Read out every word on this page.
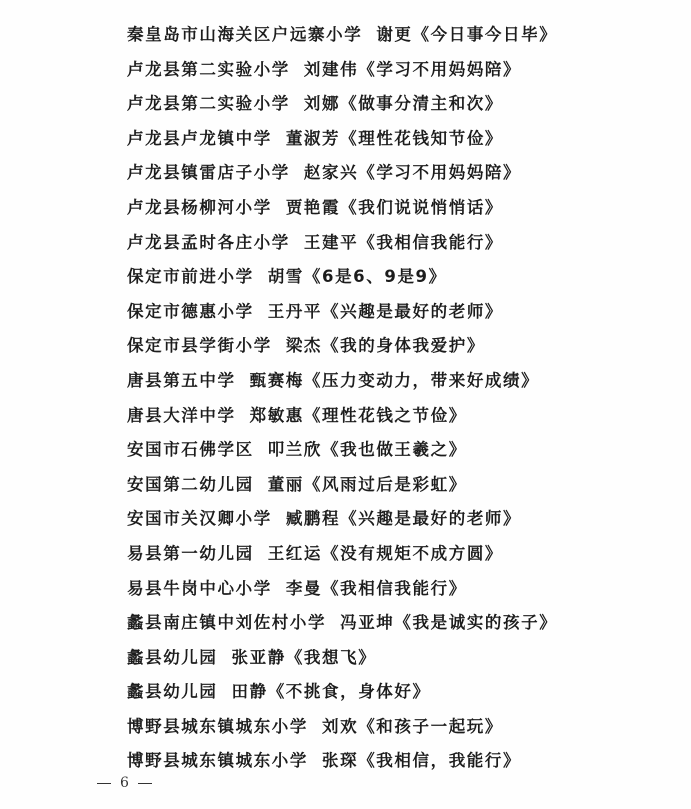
秦皇岛市山海关区户远寨小学 谢更《今日事今日毕》
卢龙县第二实验小学 刘建伟《学习不用妈妈陪》
卢龙县第二实验小学 刘娜《做事分清主和次》
卢龙县卢龙镇中学 董淑芳《理性花钱知节俭》
卢龙县镇雷店子小学 赵家兴《学习不用妈妈陪》
卢龙县杨柳河小学 贾艳霞《我们说说悄悄话》
卢龙县孟时各庄小学 王建平《我相信我能行》
保定市前进小学 胡雪《6是6、9是9》
保定市德惠小学 王丹平《兴趣是最好的老师》
保定市县学街小学 梁杰《我的身体我爱护》
唐县第五中学 甄赛梅《压力变动力，带来好成绩》
唐县大洋中学 郑敏惠《理性花钱之节俭》
安国市石佛学区 叩兰欣《我也做王羲之》
安国第二幼儿园 董丽《风雨过后是彩虹》
安国市关汉卿小学 臧鹏程《兴趣是最好的老师》
易县第一幼儿园 王红运《没有规矩不成方圆》
易县牛岗中心小学 李曼《我相信我能行》
蠡县南庄镇中刘佐村小学 冯亚坤《我是诚实的孩子》
蠡县幼儿园 张亚静《我想飞》
蠡县幼儿园 田静《不挑食，身体好》
博野县城东镇城东小学 刘欢《和孩子一起玩》
博野县城东镇城东小学 张琛《我相信，我能行》
6
